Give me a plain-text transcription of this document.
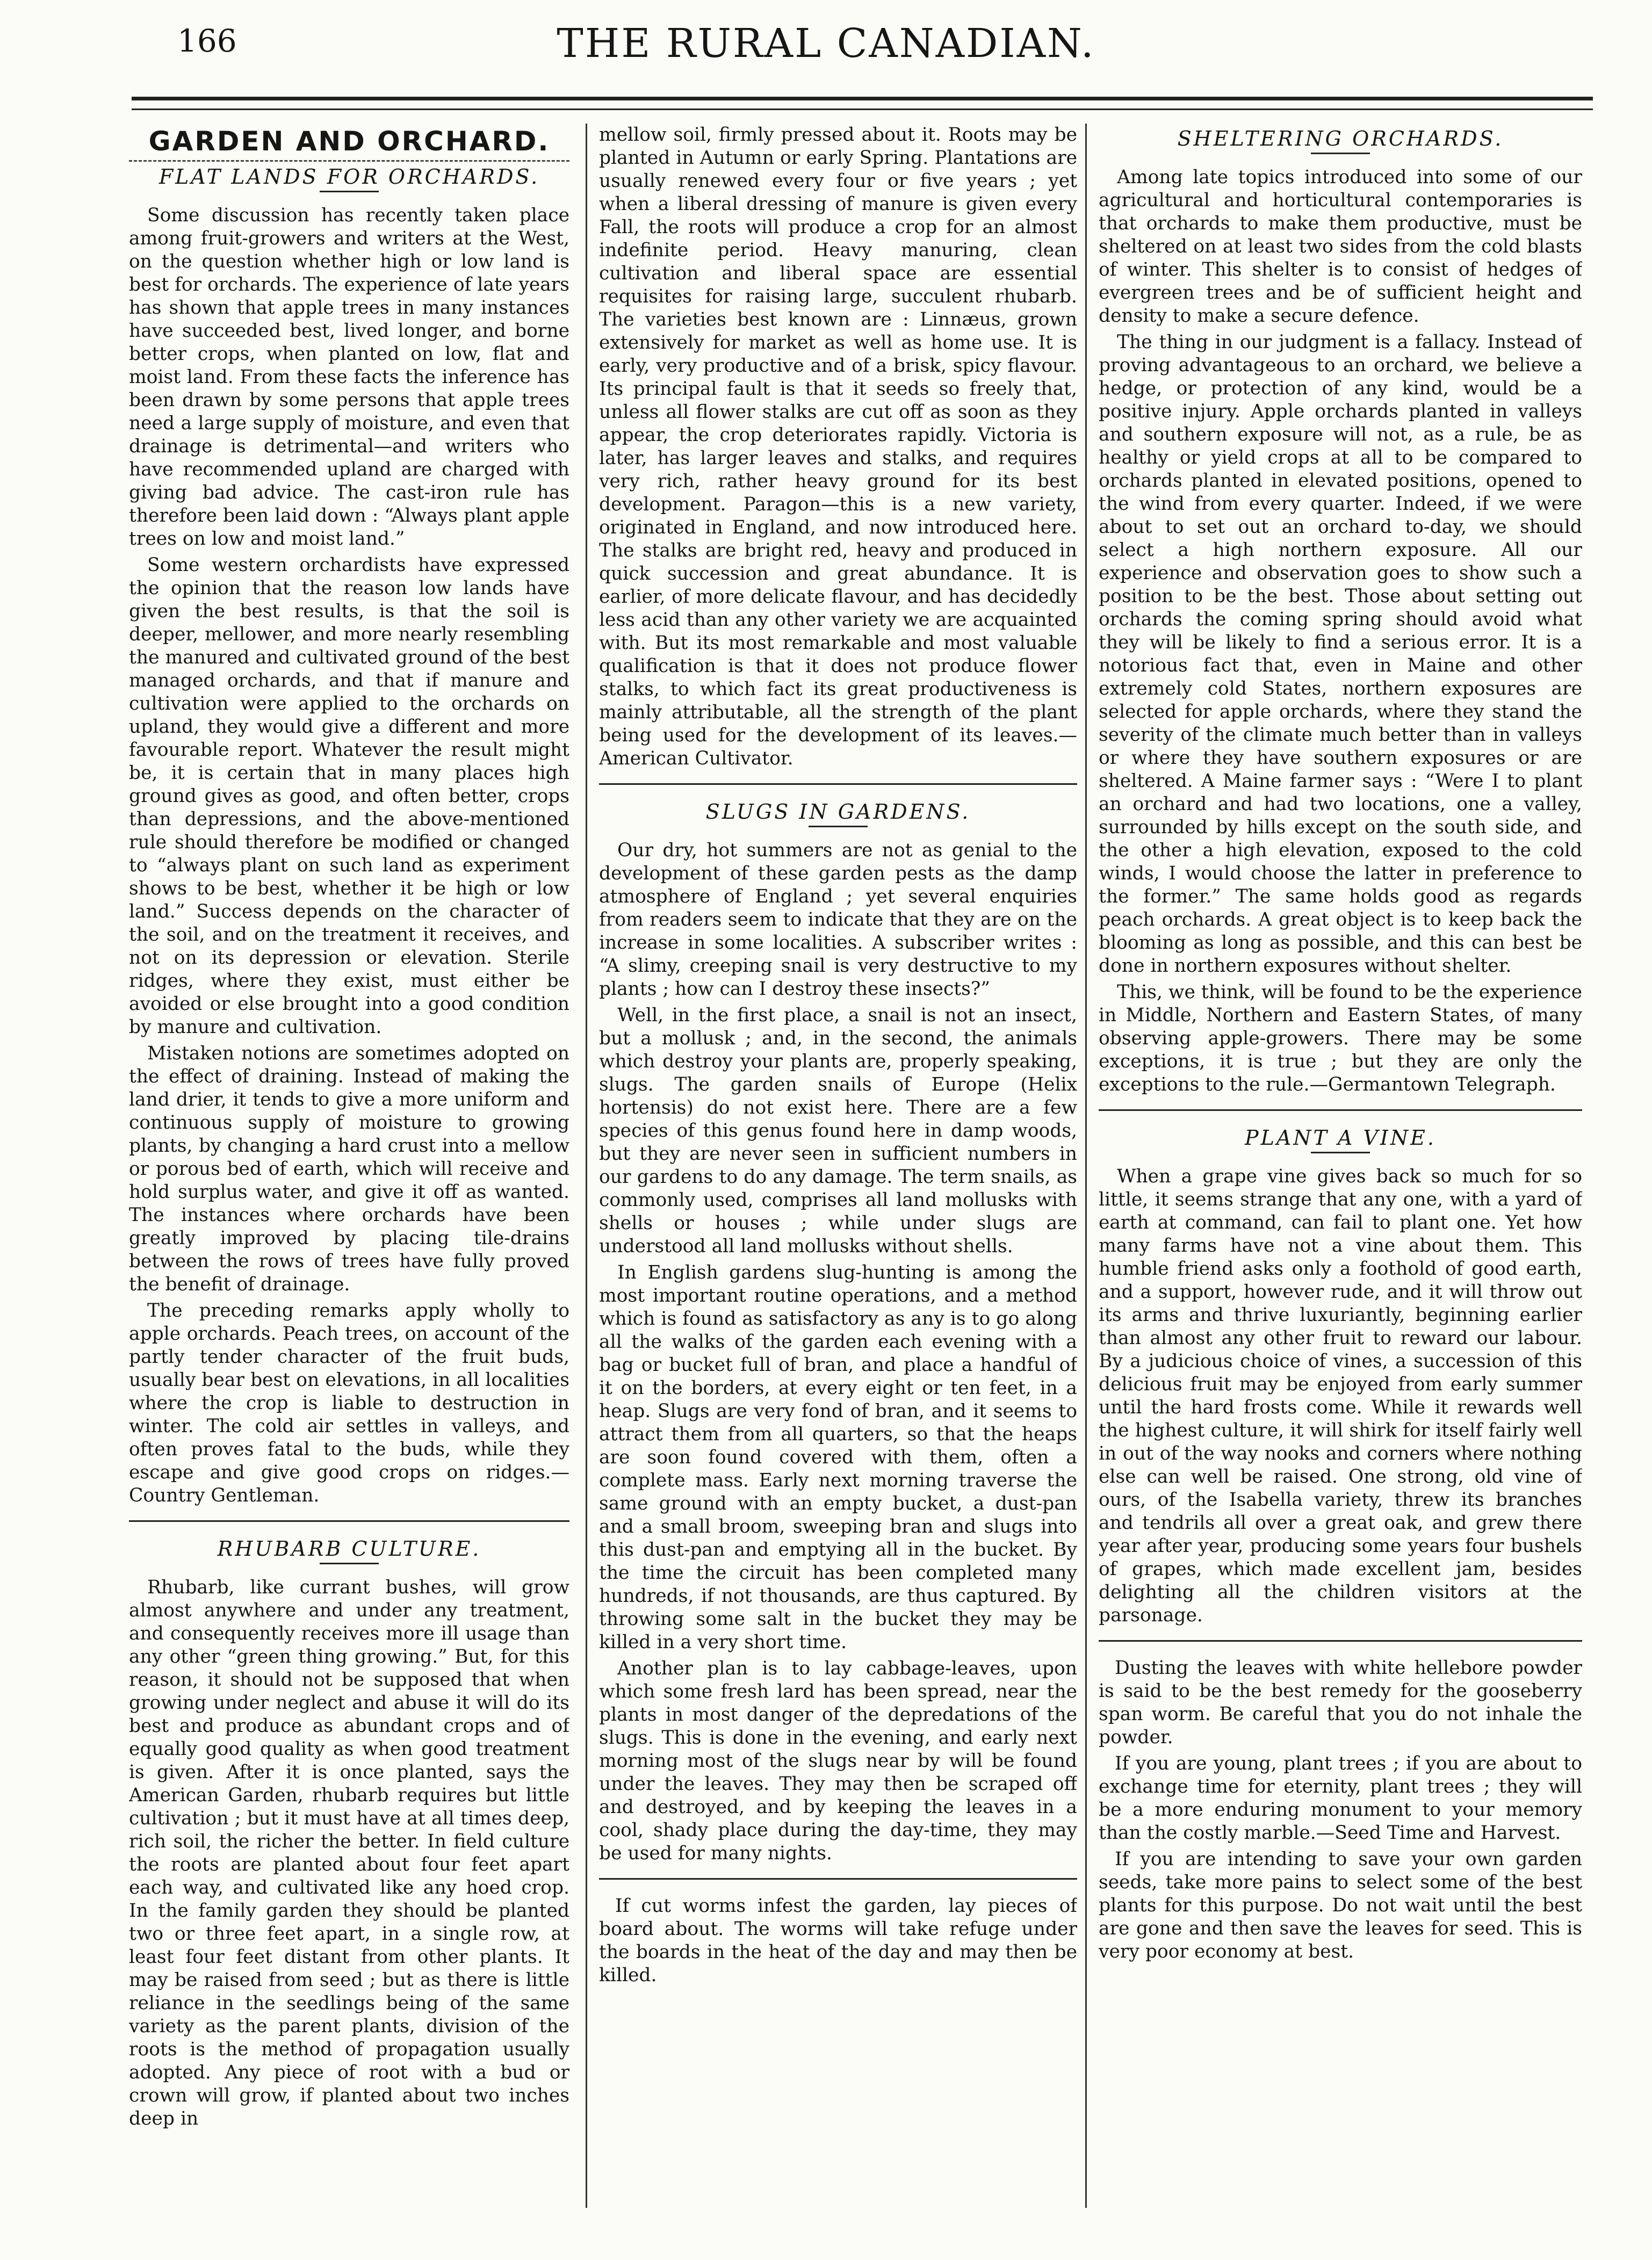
166	THE RURAL CANADIAN.
GARDEN AND ORCHARD.
FLAT LANDS FOR ORCHARDS.

Some discussion has recently taken place among fruit-growers and writers at the West, on the question whether high or low land is best for orchards. The experience of late years has shown that apple trees in many instances have succeeded best, lived longer, and borne better crops, when planted on low, flat and moist land. From these facts the inference has been drawn by some persons that apple trees need a large supply of moisture, and even that drainage is detrimental—and writers who have recommended upland are charged with giving bad advice. The cast-iron rule has therefore been laid down : “Always plant apple trees on low and moist land.”

Some western orchardists have expressed the opinion that the reason low lands have given the best results, is that the soil is deeper, mellower, and more nearly resembling the manured and cultivated ground of the best managed orchards, and that if manure and cultivation were applied to the orchards on upland, they would give a different and more favourable report. Whatever the result might be, it is certain that in many places high ground gives as good, and often better, crops than depressions, and the above-mentioned rule should therefore be modified or changed to “always plant on such land as experiment shows to be best, whether it be high or low land.” Success depends on the character of the soil, and on the treatment it receives, and not on its depression or elevation. Sterile ridges, where they exist, must either be avoided or else brought into a good condition by manure and cultivation.

Mistaken notions are sometimes adopted on the effect of draining. Instead of making the land drier, it tends to give a more uniform and continuous supply of moisture to growing plants, by changing a hard crust into a mellow or porous bed of earth, which will receive and hold surplus water, and give it off as wanted. The instances where orchards have been greatly improved by placing tile-drains between the rows of trees have fully proved the benefit of drainage.

The preceding remarks apply wholly to apple orchards. Peach trees, on account of the partly tender character of the fruit buds, usually bear best on elevations, in all localities where the crop is liable to destruction in winter. The cold air settles in valleys, and often proves fatal to the buds, while they escape and give good crops on ridges.—Country Gentleman.

RHUBARB CULTURE.

Rhubarb, like currant bushes, will grow almost anywhere and under any treatment, and consequently receives more ill usage than any other “green thing growing.” But, for this reason, it should not be supposed that when growing under neglect and abuse it will do its best and produce as abundant crops and of equally good quality as when good treatment is given. After it is once planted, says the American Garden, rhubarb requires but little cultivation ; but it must have at all times deep, rich soil, the richer the better. In field culture the roots are planted about four feet apart each way, and cultivated like any hoed crop. In the family garden they should be planted two or three feet apart, in a single row, at least four feet distant from other plants. It may be raised from seed ; but as there is little reliance in the seedlings being of the same variety as the parent plants, division of the roots is the method of propagation usually adopted. Any piece of root with a bud or crown will grow, if planted about two inches deep in

mellow soil, firmly pressed about it. Roots may be planted in Autumn or early Spring. Plantations are usually renewed every four or five years ; yet when a liberal dressing of manure is given every Fall, the roots will produce a crop for an almost indefinite period. Heavy manuring, clean cultivation and liberal space are essential requisites for raising large, succulent rhubarb. The varieties best known are : Linnæus, grown extensively for market as well as home use. It is early, very productive and of a brisk, spicy flavour. Its principal fault is that it seeds so freely that, unless all flower stalks are cut off as soon as they appear, the crop deteriorates rapidly. Victoria is later, has larger leaves and stalks, and requires very rich, rather heavy ground for its best development. Paragon—this is a new variety, originated in England, and now introduced here. The stalks are bright red, heavy and produced in quick succession and great abundance. It is earlier, of more delicate flavour, and has decidedly less acid than any other variety we are acquainted with. But its most remarkable and most valuable qualification is that it does not produce flower stalks, to which fact its great productiveness is mainly attributable, all the strength of the plant being used for the development of its leaves.—American Cultivator.

SLUGS IN GARDENS.

Our dry, hot summers are not as genial to the development of these garden pests as the damp atmosphere of England ; yet several enquiries from readers seem to indicate that they are on the increase in some localities. A subscriber writes : “A slimy, creeping snail is very destructive to my plants ; how can I destroy these insects?”

Well, in the first place, a snail is not an insect, but a mollusk ; and, in the second, the animals which destroy your plants are, properly speaking, slugs. The garden snails of Europe (Helix hortensis) do not exist here. There are a few species of this genus found here in damp woods, but they are never seen in sufficient numbers in our gardens to do any damage. The term snails, as commonly used, comprises all land mollusks with shells or houses ; while under slugs are understood all land mollusks without shells.

In English gardens slug-hunting is among the most important routine operations, and a method which is found as satisfactory as any is to go along all the walks of the garden each evening with a bag or bucket full of bran, and place a handful of it on the borders, at every eight or ten feet, in a heap. Slugs are very fond of bran, and it seems to attract them from all quarters, so that the heaps are soon found covered with them, often a complete mass. Early next morning traverse the same ground with an empty bucket, a dust-pan and a small broom, sweeping bran and slugs into this dust-pan and emptying all in the bucket. By the time the circuit has been completed many hundreds, if not thousands, are thus captured. By throwing some salt in the bucket they may be killed in a very short time.

Another plan is to lay cabbage-leaves, upon which some fresh lard has been spread, near the plants in most danger of the depredations of the slugs. This is done in the evening, and early next morning most of the slugs near by will be found under the leaves. They may then be scraped off and destroyed, and by keeping the leaves in a cool, shady place during the day-time, they may be used for many nights.

If cut worms infest the garden, lay pieces of board about. The worms will take refuge under the boards in the heat of the day and may then be killed.

SHELTERING ORCHARDS.

Among late topics introduced into some of our agricultural and horticultural contemporaries is that orchards to make them productive, must be sheltered on at least two sides from the cold blasts of winter. This shelter is to consist of hedges of evergreen trees and be of sufficient height and density to make a secure defence.

The thing in our judgment is a fallacy. Instead of proving advantageous to an orchard, we believe a hedge, or protection of any kind, would be a positive injury. Apple orchards planted in valleys and southern exposure will not, as a rule, be as healthy or yield crops at all to be compared to orchards planted in elevated positions, opened to the wind from every quarter. Indeed, if we were about to set out an orchard to-day, we should select a high northern exposure. All our experience and observation goes to show such a position to be the best. Those about setting out orchards the coming spring should avoid what they will be likely to find a serious error. It is a notorious fact that, even in Maine and other extremely cold States, northern exposures are selected for apple orchards, where they stand the severity of the climate much better than in valleys or where they have southern exposures or are sheltered. A Maine farmer says : “Were I to plant an orchard and had two locations, one a valley, surrounded by hills except on the south side, and the other a high elevation, exposed to the cold winds, I would choose the latter in preference to the former.” The same holds good as regards peach orchards. A great object is to keep back the blooming as long as possible, and this can best be done in northern exposures without shelter.

This, we think, will be found to be the experience in Middle, Northern and Eastern States, of many observing apple-growers. There may be some exceptions, it is true ; but they are only the exceptions to the rule.—Germantown Telegraph.

PLANT A VINE.

When a grape vine gives back so much for so little, it seems strange that any one, with a yard of earth at command, can fail to plant one. Yet how many farms have not a vine about them. This humble friend asks only a foothold of good earth, and a support, however rude, and it will throw out its arms and thrive luxuriantly, beginning earlier than almost any other fruit to reward our labour. By a judicious choice of vines, a succession of this delicious fruit may be enjoyed from early summer until the hard frosts come. While it rewards well the highest culture, it will shirk for itself fairly well in out of the way nooks and corners where nothing else can well be raised. One strong, old vine of ours, of the Isabella variety, threw its branches and tendrils all over a great oak, and grew there year after year, producing some years four bushels of grapes, which made excellent jam, besides delighting all the children visitors at the parsonage.

Dusting the leaves with white hellebore powder is said to be the best remedy for the gooseberry span worm. Be careful that you do not inhale the powder.

If you are young, plant trees ; if you are about to exchange time for eternity, plant trees ; they will be a more enduring monument to your memory than the costly marble.—Seed Time and Harvest.

If you are intending to save your own garden seeds, take more pains to select some of the best plants for this purpose. Do not wait until the best are gone and then save the leaves for seed. This is very poor economy at best.
